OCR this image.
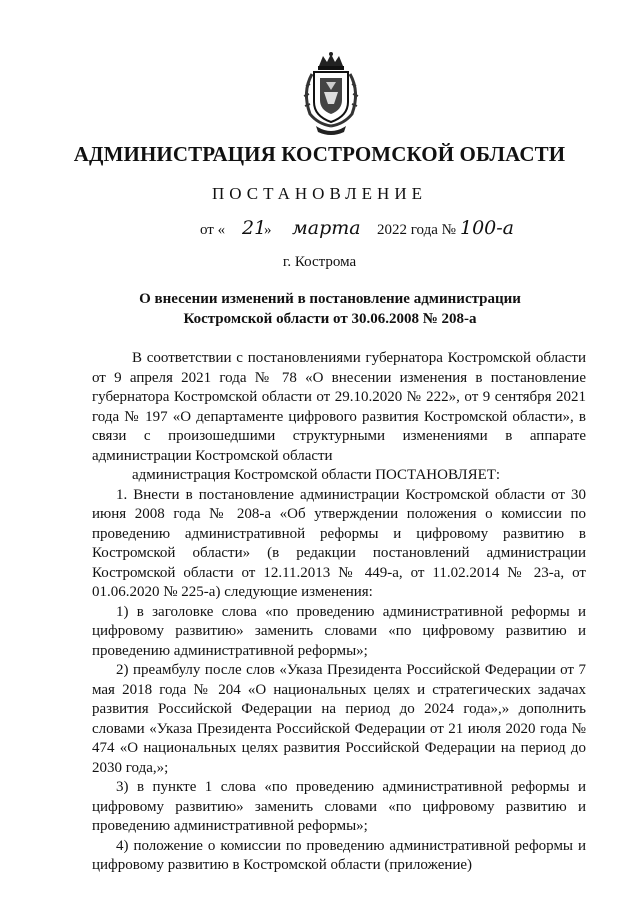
АДМИНИСТРАЦИЯ КОСТРОМСКОЙ ОБЛАСТИ
ПОСТАНОВЛЕНИЕ
от « 21
» марта 2022 года № 100-а
г. Кострома
О внесении изменений в постановление администрации
Костромской области от 30.06.2008 № 208-а

В соответствии с постановлениями губернатора Костромской области от 9 апреля 2021 года № 78 «О внесении изменения в постановление губернатора Костромской области от 29.10.2020 № 222», от 9 сентября 2021 года № 197 «О департаменте цифрового развития Костромской области», в связи с произошедшими структурными изменениями в аппарате администрации Костромской области

администрация Костромской области ПОСТАНОВЛЯЕТ:

1. Внести в постановление администрации Костромской области от 30 июня 2008 года № 208-а «Об утверждении положения о комиссии по проведению административной реформы и цифровому развитию в Костромской области» (в редакции постановлений администрации Костромской области от 12.11.2013 № 449-а, от 11.02.2014 № 23-а, от 01.06.2020 № 225-а) следующие изменения:

1) в заголовке слова «по проведению административной реформы и цифровому развитию» заменить словами «по цифровому развитию и проведению административной реформы»;

2) преамбулу после слов «Указа Президента Российской Федерации от 7 мая 2018 года № 204 «О национальных целях и стратегических задачах развития Российской Федерации на период до 2024 года»,» дополнить словами «Указа Президента Российской Федерации от 21 июля 2020 года № 474 «О национальных целях развития Российской Федерации на период до 2030 года,»;

3) в пункте 1 слова «по проведению административной реформы и цифровому развитию» заменить словами «по цифровому развитию и проведению административной реформы»;

4) положение о комиссии по проведению административной реформы и цифровому развитию в Костромской области (приложение)
